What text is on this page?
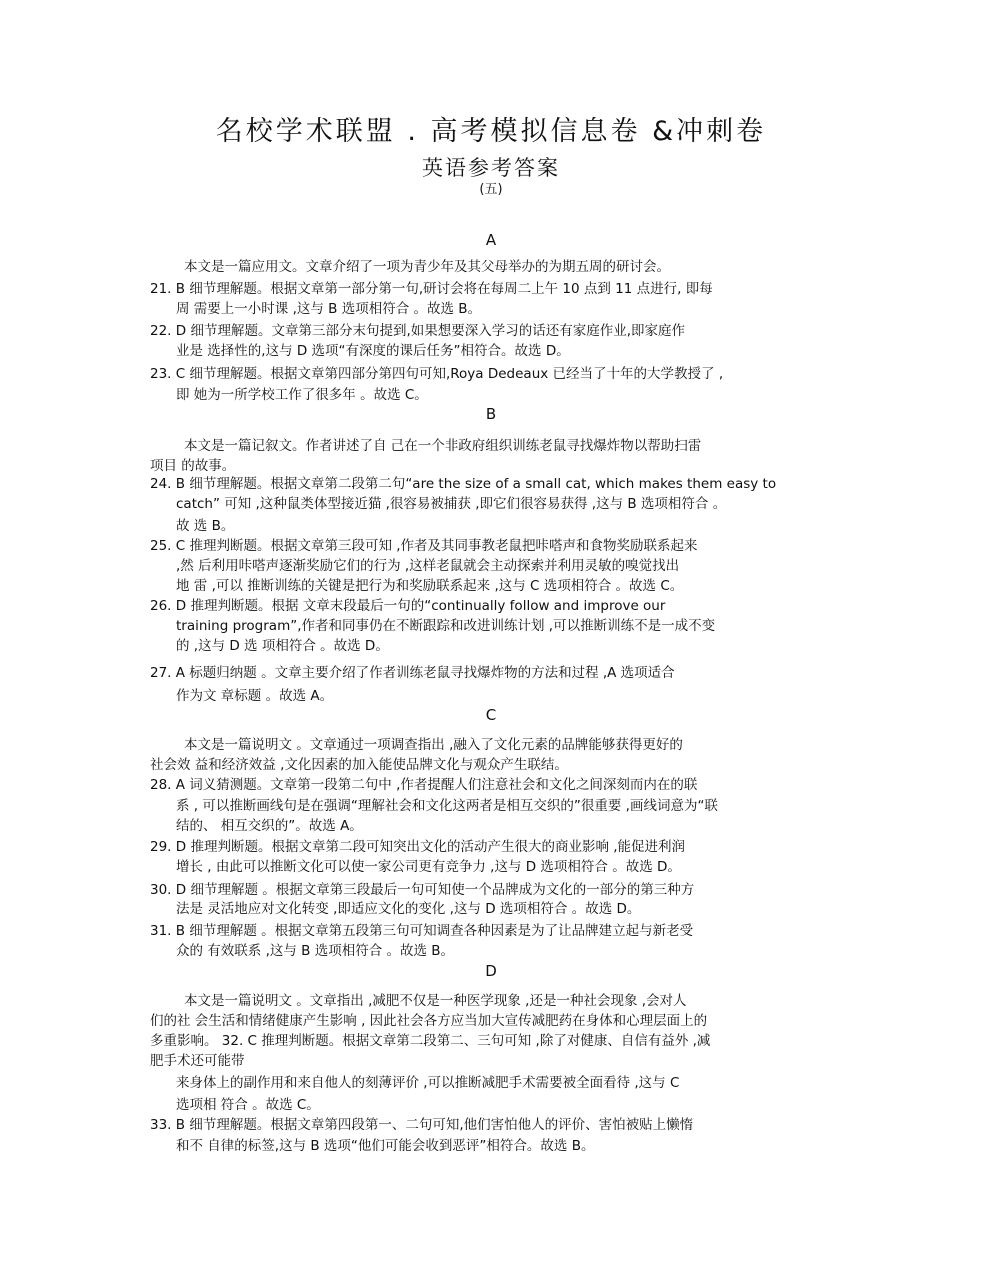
名校学术联盟 . 高考模拟信息卷 &冲刺卷
英语参考答案
(五)
A
本文是一篇应用文。文章介绍了一项为青少年及其父母举办的为期五周的研讨会。
21. B 细节理解题。根据文章第一部分第一句,研讨会将在每周二上午 10 点到 11 点进行, 即每
周 需要上一小时课 ,这与 B 选项相符合 。故选 B。
22. D 细节理解题。文章第三部分末句提到,如果想要深入学习的话还有家庭作业,即家庭作
业是 选择性的,这与 D 选项“有深度的课后任务”相符合。故选 D。
23. C 细节理解题。根据文章第四部分第四句可知,Roya Dedeaux 已经当了十年的大学教授了 ,
即 她为一所学校工作了很多年 。故选 C。
B
本文是一篇记叙文。作者讲述了自 己在一个非政府组织训练老鼠寻找爆炸物以帮助扫雷
项目 的故事。
24. B 细节理解题。根据文章第二段第二句“are the size of a small cat, which makes them easy to
catch” 可知 ,这种鼠类体型接近猫 ,很容易被捕获 ,即它们很容易获得 ,这与 B 选项相符合 。
故 选 B。
25. C 推理判断题。根据文章第三段可知 ,作者及其同事教老鼠把咔嗒声和食物奖励联系起来
,然 后利用咔嗒声逐渐奖励它们的行为 ,这样老鼠就会主动探索并利用灵敏的嗅觉找出
地 雷 ,可以 推断训练的关键是把行为和奖励联系起来 ,这与 C 选项相符合 。故选 C。
26. D 推理判断题。根据 文章末段最后一句的“continually follow and improve our
training program”,作者和同事仍在不断跟踪和改进训练计划 ,可以推断训练不是一成不变
的 ,这与 D 选 项相符合 。故选 D。
27. A 标题归纳题 。文章主要介绍了作者训练老鼠寻找爆炸物的方法和过程 ,A 选项适合
作为文 章标题 。故选 A。
C
本文是一篇说明文 。文章通过一项调查指出 ,融入了文化元素的品牌能够获得更好的
社会效 益和经济效益 ,文化因素的加入能使品牌文化与观众产生联结。
28. A 词义猜测题。文章第一段第二句中 ,作者提醒人们注意社会和文化之间深刻而内在的联
系 , 可以推断画线句是在强调“理解社会和文化这两者是相互交织的”很重要 ,画线词意为“联
结的、 相互交织的”。故选 A。
29. D 推理判断题。根据文章第二段可知突出文化的活动产生很大的商业影响 ,能促进利润
增长 , 由此可以推断文化可以使一家公司更有竞争力 ,这与 D 选项相符合 。故选 D。
30. D 细节理解题 。根据文章第三段最后一句可知使一个品牌成为文化的一部分的第三种方
法是 灵活地应对文化转变 ,即适应文化的变化 ,这与 D 选项相符合 。故选 D。
31. B 细节理解题 。根据文章第五段第三句可知调查各种因素是为了让品牌建立起与新老受
众的 有效联系 ,这与 B 选项相符合 。故选 B。
D
本文是一篇说明文 。文章指出 ,减肥不仅是一种医学现象 ,还是一种社会现象 ,会对人
们的社 会生活和情绪健康产生影响 , 因此社会各方应当加大宣传减肥药在身体和心理层面上的
多重影响。 32. C 推理判断题。根据文章第二段第二、三句可知 ,除了对健康、自信有益外 ,减
肥手术还可能带
来身体上的副作用和来自他人的刻薄评价 ,可以推断减肥手术需要被全面看待 ,这与 C
选项相 符合 。故选 C。
33. B 细节理解题。根据文章第四段第一、二句可知,他们害怕他人的评价、害怕被贴上懒惰
和不 自律的标签,这与 B 选项“他们可能会收到恶评”相符合。故选 B。
